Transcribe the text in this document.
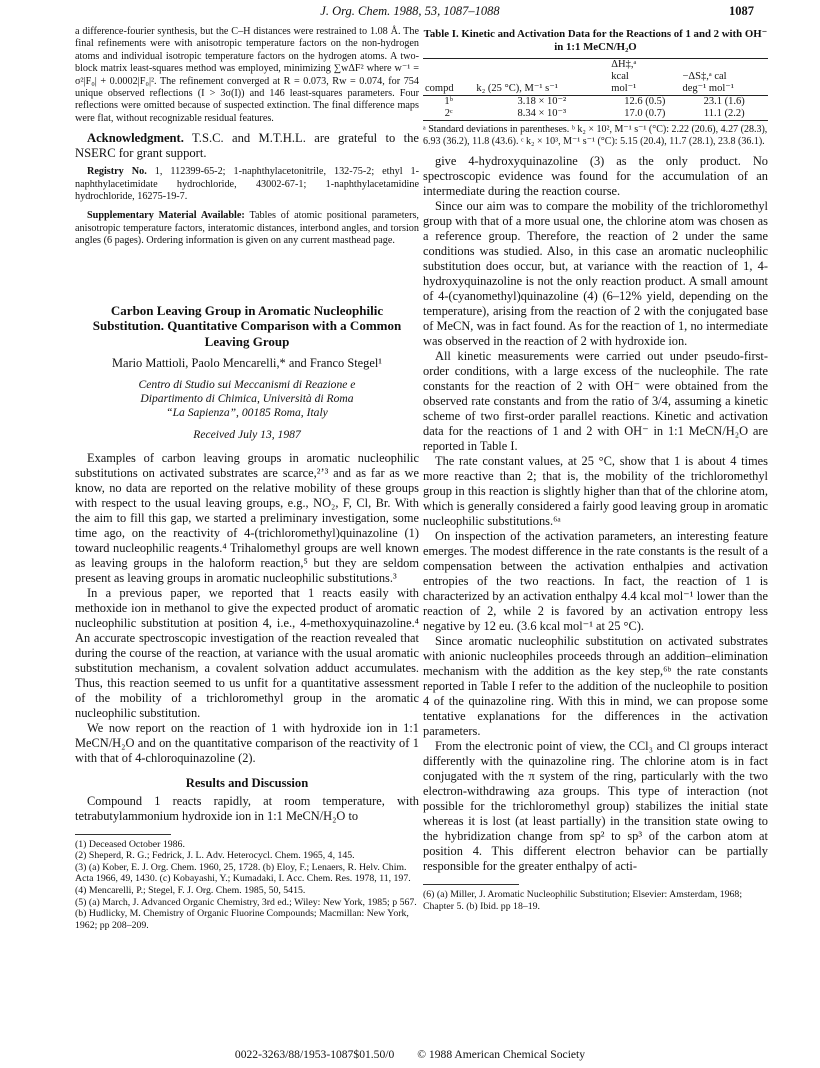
J. Org. Chem. 1988, 53, 1087–1088	1087

a difference-fourier synthesis, but the C–H distances were restrained to 1.08 Å. The final refinements were with anisotropic temperature factors on the non-hydrogen atoms and individual isotropic temperature factors on the hydrogen atoms. A two-block matrix least-squares method was employed, minimizing ∑wΔF² where w⁻¹ = σ²|F₀| + 0.0002|F₀|². The refinement converged at R = 0.073, Rw = 0.074, for 754 unique observed reflections (I > 3σ(I)) and 146 least-squares parameters. Four reflections were omitted because of suspected extinction. The final difference maps were flat, without recognizable residual features.

Acknowledgment. T.S.C. and M.T.H.L. are grateful to the NSERC for grant support.

Registry No. 1, 112399-65-2; 1-naphthylacetonitrile, 132-75-2; ethyl 1-naphthylacetimidate hydrochloride, 43002-67-1; 1-naphthylacetamidine hydrochloride, 16275-19-7.

Supplementary Material Available: Tables of atomic positional parameters, anisotropic temperature factors, interatomic distances, interbond angles, and torsion angles (6 pages). Ordering information is given on any current masthead page.

Carbon Leaving Group in Aromatic Nucleophilic Substitution. Quantitative Comparison with a Common Leaving Group
Mario Mattioli, Paolo Mencarelli,* and Franco Stegel¹
Centro di Studio sui Meccanismi di Reazione e
Dipartimento di Chimica, Università di Roma
“La Sapienza”, 00185 Roma, Italy
Received July 13, 1987

Examples of carbon leaving groups in aromatic nucleophilic substitutions on activated substrates are scarce,²ʼ³ and as far as we know, no data are reported on the relative mobility of these groups with respect to the usual leaving groups, e.g., NO₂, F, Cl, Br. With the aim to fill this gap, we started a preliminary investigation, some time ago, on the reactivity of 4-(trichloromethyl)quinazoline (1) toward nucleophilic reagents.⁴ Trihalomethyl groups are well known as leaving groups in the haloform reaction,⁵ but they are seldom present as leaving groups in aromatic nucleophilic substitutions.³

In a previous paper, we reported that 1 reacts easily with methoxide ion in methanol to give the expected product of aromatic nucleophilic substitution at position 4, i.e., 4-methoxyquinazoline.⁴ An accurate spectroscopic investigation of the reaction revealed that during the course of the reaction, at variance with the usual aromatic substitution mechanism, a covalent solvation adduct accumulates. Thus, this reaction seemed to us unfit for a quantitative assessment of the mobility of a trichloromethyl group in the aromatic nucleophilic substitution.

We now report on the reaction of 1 with hydroxide ion in 1:1 MeCN/H₂O and on the quantitative comparison of the reactivity of 1 with that of 4-chloroquinazoline (2).

Results and Discussion

Compound 1 reacts rapidly, at room temperature, with tetrabutylammonium hydroxide ion in 1:1 MeCN/H₂O to

(1) Deceased October 1986.
(2) Sheperd, R. G.; Fedrick, J. L. Adv. Heterocycl. Chem. 1965, 4, 145.
(3) (a) Kober, E. J. Org. Chem. 1960, 25, 1728. (b) Eloy, F.; Lenaers, R. Helv. Chim. Acta 1966, 49, 1430. (c) Kobayashi, Y.; Kumadaki, I. Acc. Chem. Res. 1978, 11, 197.
(4) Mencarelli, P.; Stegel, F. J. Org. Chem. 1985, 50, 5415.
(5) (a) March, J. Advanced Organic Chemistry, 3rd ed.; Wiley: New York, 1985; p 567. (b) Hudlicky, M. Chemistry of Organic Fluorine Compounds; Macmillan: New York, 1962; pp 208–209.
Table I. Kinetic and Activation Data for the Reactions of 1 and 2 with OH⁻ in 1:1 MeCN/H₂O
		ΔH‡,ᵃ	
		kcal	−ΔS‡,ᵃ cal
compd	k₂ (25 °C), M⁻¹ s⁻¹	mol⁻¹	deg⁻¹ mol⁻¹
1ᵇ	3.18 × 10⁻²	12.6 (0.5)	23.1 (1.6)
2ᶜ	8.34 × 10⁻³	17.0 (0.7)	11.1 (2.2)
ᵃ Standard deviations in parentheses. ᵇ k₂ × 10², M⁻¹ s⁻¹ (°C): 2.22 (20.6), 4.27 (28.3), 6.93 (36.2), 11.8 (43.6). ᶜ k₂ × 10³, M⁻¹ s⁻¹ (°C): 5.15 (20.4), 11.7 (28.1), 23.8 (36.1).

give 4-hydroxyquinazoline (3) as the only product. No spectroscopic evidence was found for the accumulation of an intermediate during the reaction course.

Since our aim was to compare the mobility of the trichloromethyl group with that of a more usual one, the chlorine atom was chosen as a reference group. Therefore, the reaction of 2 under the same conditions was studied. Also, in this case an aromatic nucleophilic substitution does occur, but, at variance with the reaction of 1, 4-hydroxyquinazoline is not the only reaction product. A small amount of 4-(cyanomethyl)quinazoline (4) (6–12% yield, depending on the temperature), arising from the reaction of 2 with the conjugated base of MeCN, was in fact found. As for the reaction of 1, no intermediate was observed in the reaction of 2 with hydroxide ion.

All kinetic measurements were carried out under pseudo-first-order conditions, with a large excess of the nucleophile. The rate constants for the reaction of 2 with OH⁻ were obtained from the observed rate constants and from the ratio of 3/4, assuming a kinetic scheme of two first-order parallel reactions. Kinetic and activation data for the reactions of 1 and 2 with OH⁻ in 1:1 MeCN/H₂O are reported in Table I.

The rate constant values, at 25 °C, show that 1 is about 4 times more reactive than 2; that is, the mobility of the trichloromethyl group in this reaction is slightly higher than that of the chlorine atom, which is generally considered a fairly good leaving group in aromatic nucleophilic substitutions.⁶ᵃ

On inspection of the activation parameters, an interesting feature emerges. The modest difference in the rate constants is the result of a compensation between the activation enthalpies and activation entropies of the two reactions. In fact, the reaction of 1 is characterized by an activation enthalpy 4.4 kcal mol⁻¹ lower than the reaction of 2, while 2 is favored by an activation entropy less negative by 12 eu. (3.6 kcal mol⁻¹ at 25 °C).

Since aromatic nucleophilic substitution on activated substrates with anionic nucleophiles proceeds through an addition–elimination mechanism with the addition as the key step,⁶ᵇ the rate constants reported in Table I refer to the addition of the nucleophile to position 4 of the quinazoline ring. With this in mind, we can propose some tentative explanations for the differences in the activation parameters.

From the electronic point of view, the CCl₃ and Cl groups interact differently with the quinazoline ring. The chlorine atom is in fact conjugated with the π system of the ring, particularly with the two electron-withdrawing aza groups. This type of interaction (not possible for the trichloromethyl group) stabilizes the initial state whereas it is lost (at least partially) in the transition state owing to the hybridization change from sp² to sp³ of the carbon atom at position 4. This different electron behavior can be partially responsible for the greater enthalpy of acti-

(6) (a) Miller, J. Aromatic Nucleophilic Substitution; Elsevier: Amsterdam, 1968; Chapter 5. (b) Ibid. pp 18–19.
0022-3263/88/1953-1087$01.50/0 © 1988 American Chemical Society
